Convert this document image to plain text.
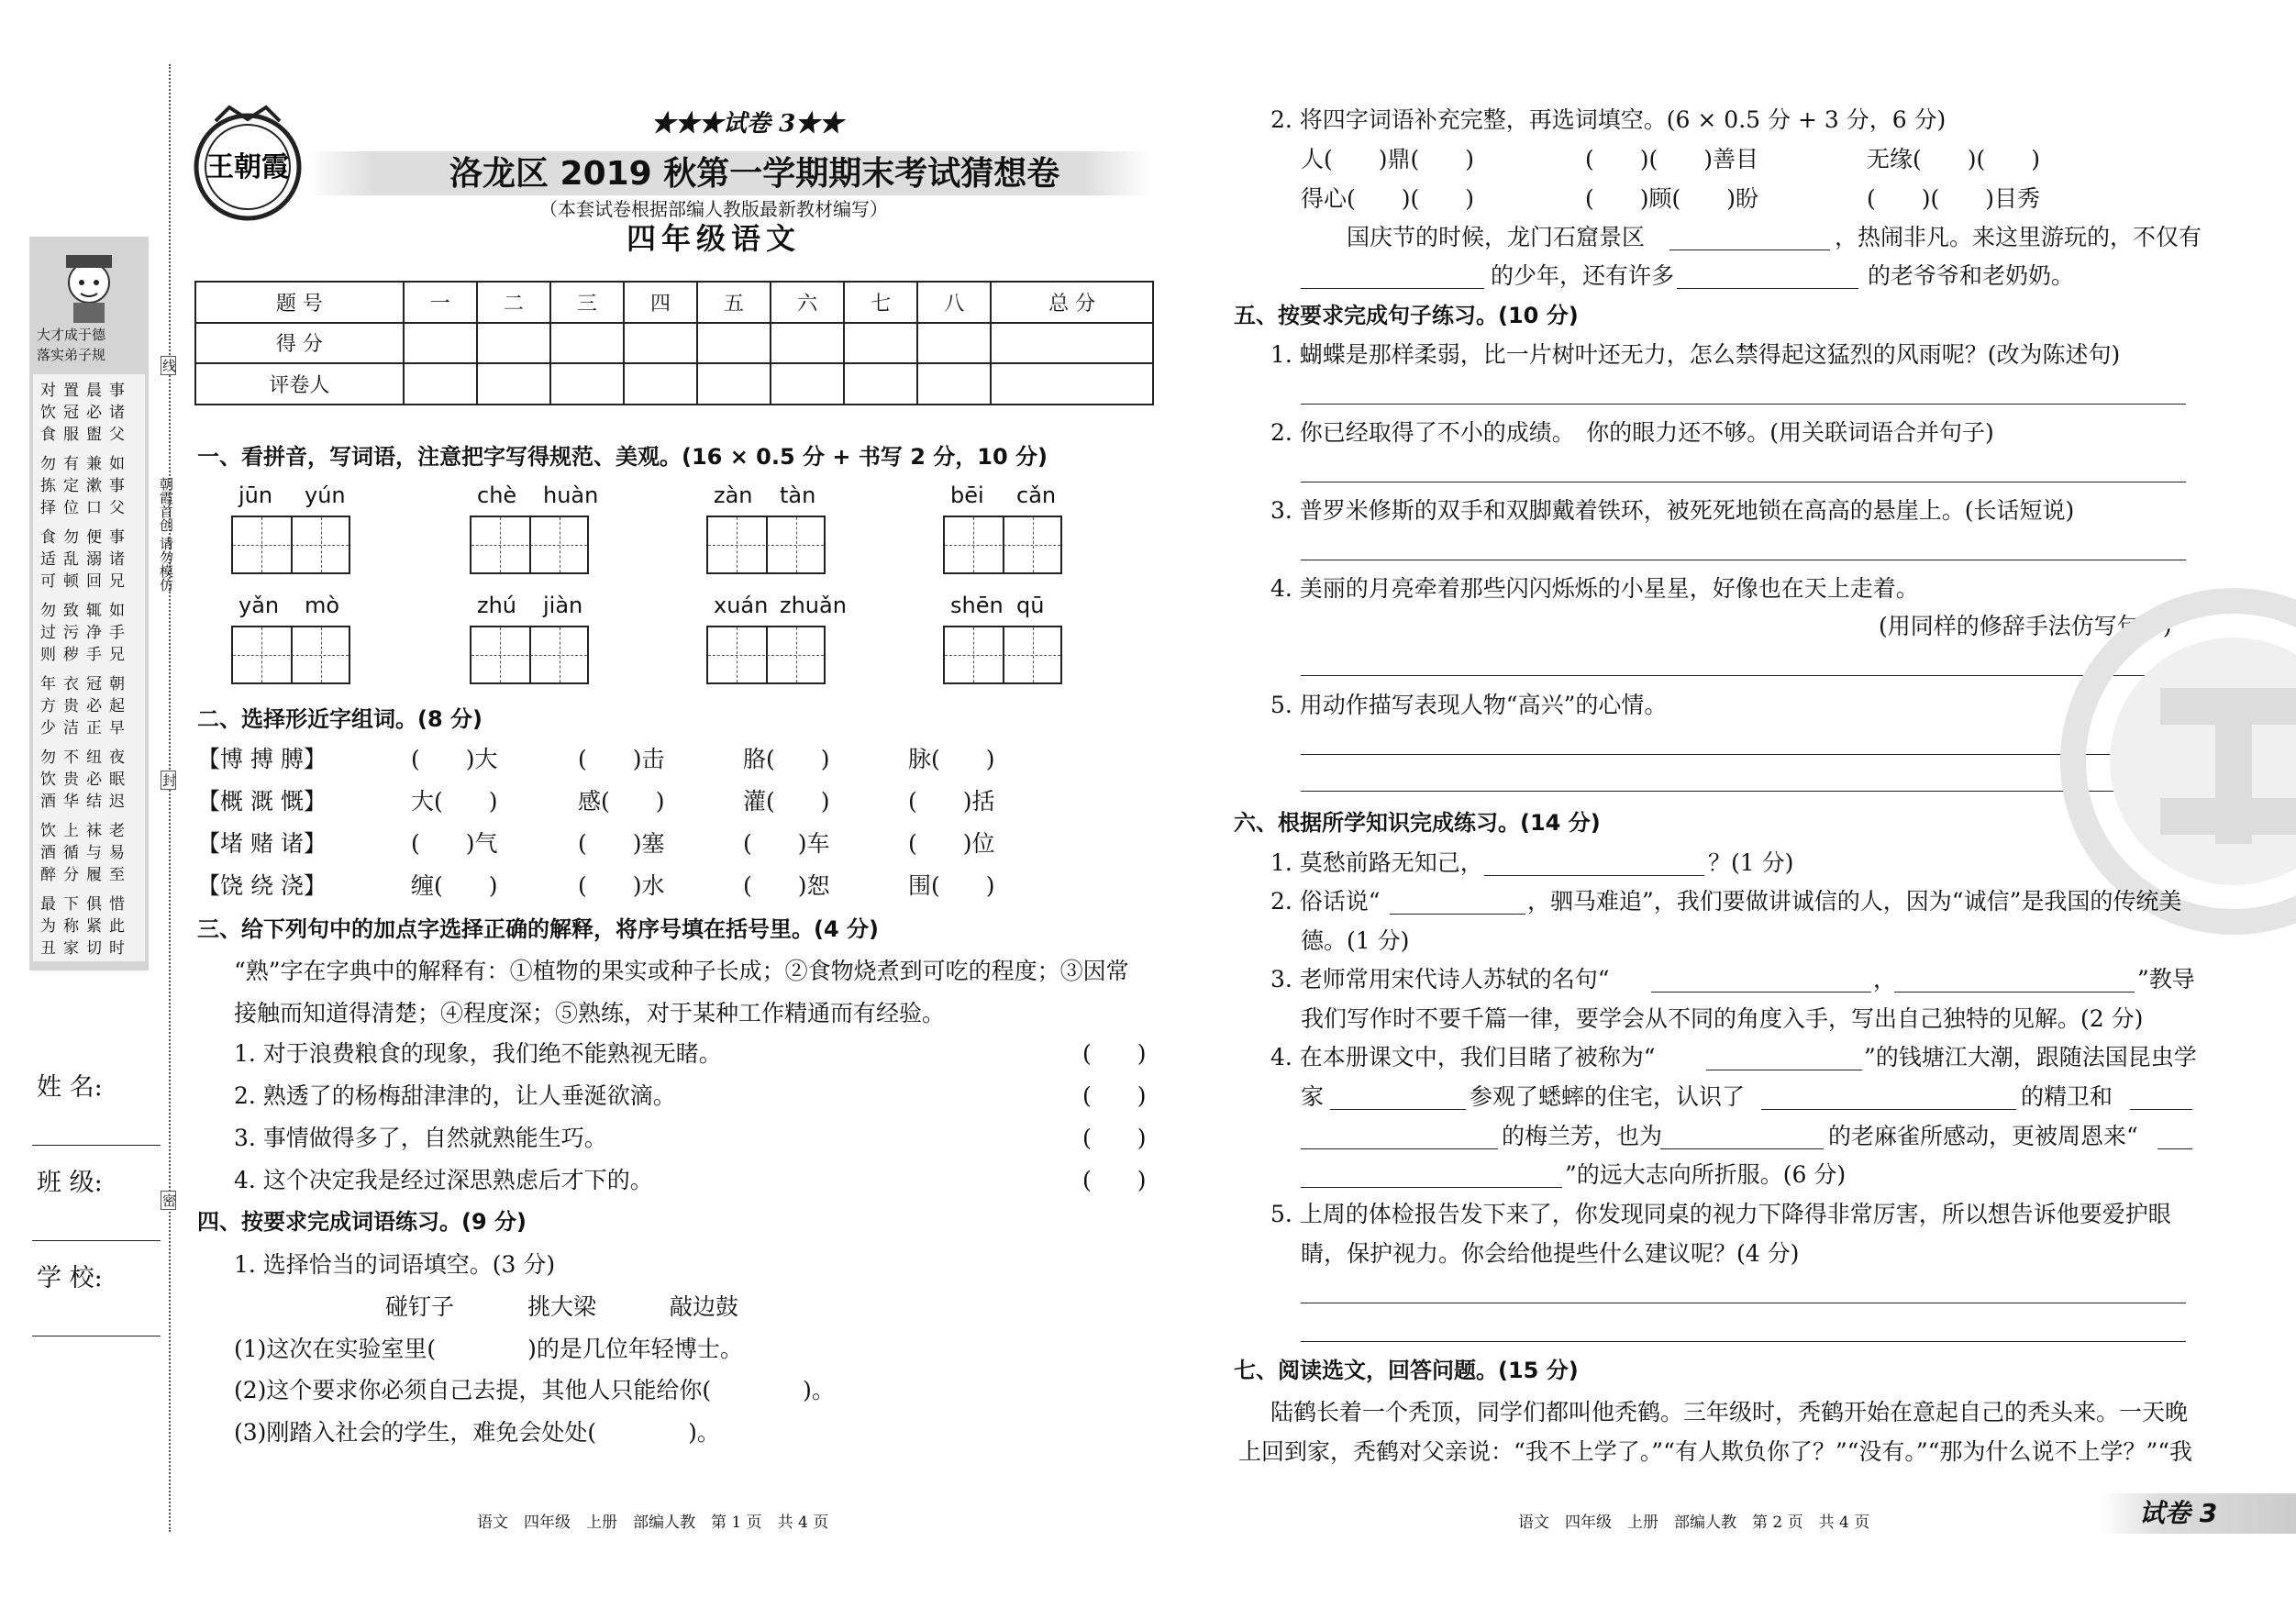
大才成于德
落实弟子规
对置晨事
饮冠必诸
食服盥父
勿有兼如
拣定漱事
择位口父
食勿便事
适乱溺诸
可顿回兄
勿致辄如
过污净手
则秽手兄
年衣冠朝
方贵必起
少洁正早
勿不纽夜
饮贵必眠
酒华结迟
饮上袜老
酒循与易
醉分履至
最下俱惜
为称紧此
丑家切时
线
朝霞首创 请勿模仿
封
密
姓 名:
班 级:
学 校:
王朝霞
★★★试卷 3★★
洛龙区 2019 秋第一学期期末考试猜想卷
（本套试卷根据部编人教版最新教材编写）
四年级语文
题 号	一	二	三	四	五	六	七	八	总 分
得 分									
评卷人									
一、看拼音，写词语，注意把字写得规范、美观。(16 × 0.5 分 + 书写 2 分，10 分)
jūn yún	chè huàn	zàn tàn	bēi cǎn
yǎn mò	zhú jiàn	xuán zhuǎn	shēn qū
二、选择形近字组词。(8 分)
【博 搏 膊】	(　　)大	(　　)击	胳(　　)	脉(　　)
【概 溉 慨】	大(　　)	感(　　)	灌(　　)	(　　)括
【堵 赌 诸】	(　　)气	(　　)塞	(　　)车	(　　)位
【饶 绕 浇】	缠(　　)	(　　)水	(　　)恕	围(　　)
三、给下列句中的加点字选择正确的解释，将序号填在括号里。(4 分)
“熟”字在字典中的解释有：①植物的果实或种子长成；②食物烧煮到可吃的程度；③因常
接触而知道得清楚；④程度深；⑤熟练，对于某种工作精通而有经验。
1. 对于浪费粮食的现象，我们绝不能熟视无睹。	(　　)
2. 熟透了的杨梅甜津津的，让人垂涎欲滴。	(　　)
3. 事情做得多了，自然就熟能生巧。	(　　)
4. 这个决定我是经过深思熟虑后才下的。	(　　)
四、按要求完成词语练习。(9 分)
1. 选择恰当的词语填空。(3 分)
碰钉子	挑大梁	敲边鼓
(1)这次在实验室里(　　　　)的是几位年轻博士。
(2)这个要求你必须自己去提，其他人只能给你(　　　　)。
(3)刚踏入社会的学生，难免会处处(　　　　)。
语文　四年级　上册　部编人教　第 1 页　共 4 页
2. 将四字词语补充完整，再选词填空。(6 × 0.5 分 + 3 分，6 分)
人(　　)鼎(　　)	(　　)(　　)善目	无缘(　　)(　　)
得心(　　)(　　)	(　　)顾(　　)盼	(　　)(　　)目秀
国庆节的时候，龙门石窟景区	，热闹非凡。来这里游玩的，不仅有
的少年，还有许多	的老爷爷和老奶奶。
五、按要求完成句子练习。(10 分)
1. 蝴蝶是那样柔弱，比一片树叶还无力，怎么禁得起这猛烈的风雨呢？(改为陈述句)
2. 你已经取得了不小的成绩。　你的眼力还不够。(用关联词语合并句子)
3. 普罗米修斯的双手和双脚戴着铁环，被死死地锁在高高的悬崖上。(长话短说)
4. 美丽的月亮牵着那些闪闪烁烁的小星星，好像也在天上走着。
(用同样的修辞手法仿写句子)
5. 用动作描写表现人物“高兴”的心情。
六、根据所学知识完成练习。(14 分)
1. 莫愁前路无知己，	？(1 分)
2. 俗话说“	，驷马难追”，我们要做讲诚信的人，因为“诚信”是我国的传统美
德。(1 分)
3. 老师常用宋代诗人苏轼的名句“	，	”教导
我们写作时不要千篇一律，要学会从不同的角度入手，写出自己独特的见解。(2 分)
4. 在本册课文中，我们目睹了被称为“	”的钱塘江大潮，跟随法国昆虫学
家	参观了蟋蟀的住宅，认识了	的精卫和
的梅兰芳，也为	的老麻雀所感动，更被周恩来“
”的远大志向所折服。(6 分)
5. 上周的体检报告发下来了，你发现同桌的视力下降得非常厉害，所以想告诉他要爱护眼
睛，保护视力。你会给他提些什么建议呢？(4 分)
七、阅读选文，回答问题。(15 分)
陆鹤长着一个秃顶，同学们都叫他秃鹤。三年级时，秃鹤开始在意起自己的秃头来。一天晚
上回到家，秃鹤对父亲说：“我不上学了。”“有人欺负你了？”“没有。”“那为什么说不上学？”“我
语文　四年级　上册　部编人教　第 2 页　共 4 页	试卷 3
